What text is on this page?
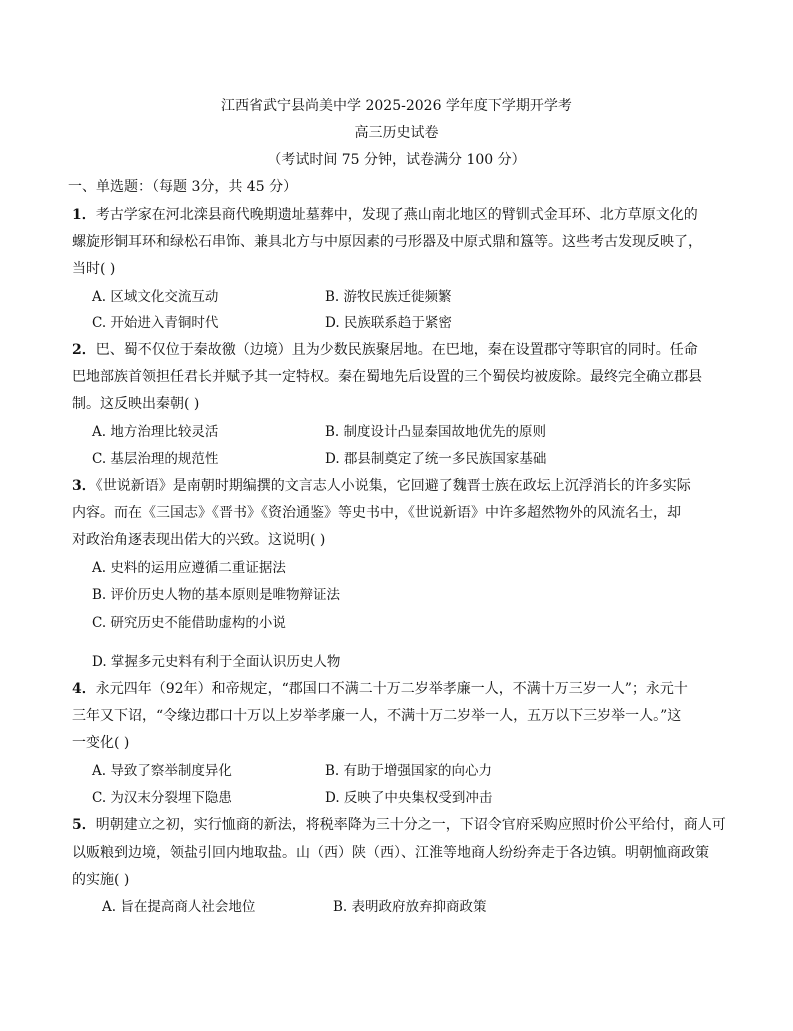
江西省武宁县尚美中学 2025-2026 学年度下学期开学考
高三历史试卷
（考试时间 75 分钟，试卷满分 100 分）
一、单选题：（每题 3分，共 45 分）
1．考古学家在河北滦县商代晚期遗址墓葬中，发现了燕山南北地区的臂钏式金耳环、北方草原文化的
螺旋形铜耳环和绿松石串饰、兼具北方与中原因素的弓形器及中原式鼎和簋等。这些考古发现反映了，
当时( )
A. 区域文化交流互动	B. 游牧民族迁徙频繁
C. 开始进入青铜时代	D. 民族联系趋于紧密
2．巴、蜀不仅位于秦故徼（边境）且为少数民族聚居地。在巴地，秦在设置郡守等职官的同时。任命
巴地部族首领担任君长并赋予其一定特权。秦在蜀地先后设置的三个蜀侯均被废除。最终完全确立郡县
制。这反映出秦朝( )
A. 地方治理比较灵活	B. 制度设计凸显秦国故地优先的原则
C. 基层治理的规范性	D. 郡县制奠定了统一多民族国家基础
3．《世说新语》是南朝时期编撰的文言志人小说集，它回避了魏晋士族在政坛上沉浮消长的许多实际
内容。而在《三国志》《晋书》《资治通鉴》等史书中，《世说新语》中许多超然物外的风流名士，却
对政治角逐表现出偌大的兴致。这说明( )
A. 史料的运用应遵循二重证据法
B. 评价历史人物的基本原则是唯物辩证法
C. 研究历史不能借助虚构的小说
D. 掌握多元史料有利于全面认识历史人物
4．永元四年（92年）和帝规定，“郡国口不满二十万二岁举孝廉一人，不满十万三岁一人”；永元十
三年又下诏，“令缘边郡口十万以上岁举孝廉一人，不满十万二岁举一人，五万以下三岁举一人。”这
一变化( )
A. 导致了察举制度异化	B. 有助于增强国家的向心力
C. 为汉末分裂埋下隐患	D. 反映了中央集权受到冲击
5．明朝建立之初，实行恤商的新法，将税率降为三十分之一，下诏令官府采购应照时价公平给付，商人可
以贩粮到边境，领盐引回内地取盐。山（西）陕（西）、江淮等地商人纷纷奔走于各边镇。明朝恤商政策
的实施( )
A. 旨在提高商人社会地位	B. 表明政府放弃抑商政策
